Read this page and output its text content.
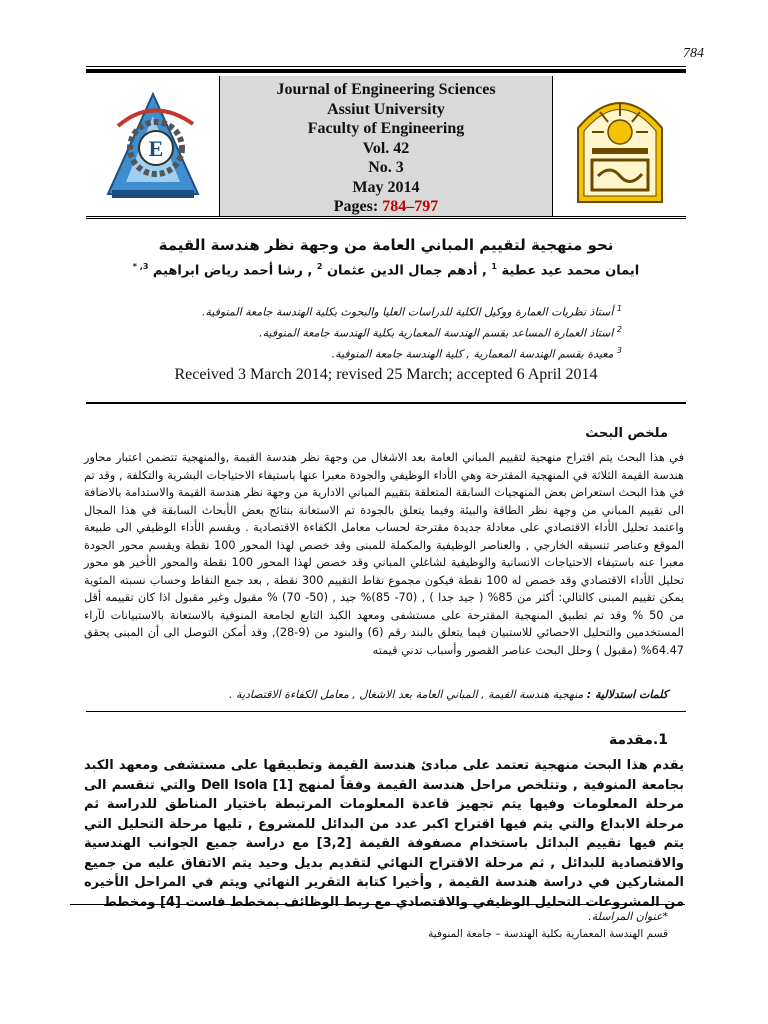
784
E
Journal of Engineering Sciences
Assiut University
Faculty of Engineering
Vol. 42
No. 3
May 2014
Pages: 784–797
نحو منهجية لتقييم المباني العامة من وجهة نظر هندسة القيمة
ايمان محمد عيد عطية $^1$ , أدهم جمال الدين عثمان $^2$ , رشا أحمد رياض ابراهيم $^{3, *}$
$^1$ أستاذ نظريات العمارة ووكيل الكلية للدراسات العليا والبحوث بكلية الهندسة جامعة المنوفية.
$^2$ استاذ العمارة المساعد بقسم الهندسة المعمارية بكلية الهندسة جامعة المنوفية.
$^3$ معيدة بقسم الهندسة المعمارية , كلية الهندسة جامعة المنوفية.
Received 3 March 2014; revised 25 March; accepted 6 April 2014
ملخص البحث
في هذا البحث يتم اقتراح منهجية لتقييم المباني العامة بعد الاشغال من وجهة نظر هندسة القيمة ,والمنهجية تتضمن اعتبار محاور هندسة القيمة الثلاثة في المنهجية المقترحة وهي الأداء الوظيفي والجودة معبرا عنها باستيفاء الاحتياجات البشرية والتكلفة , وقد تم في هذا البحث استعراض بعض المنهجيات السابقة المتعلقة بتقييم المباني الادارية من وجهة نظر هندسة القيمة والاستدامة بالاضافة الى تقييم المباني من وجهة نظر الطاقة والبيئة وفيما يتعلق بالجودة تم الاستعانة بنتائج بعض الأبحاث السابقة في هذا المجال واعتمد تحليل الأداء الاقتصادي على معادلة جديدة مقترحة لحساب معامل الكفاءة الاقتصادية . ويقسم الأداء الوظيفي الى طبيعة الموقع وعناصر تنسيقه الخارجي , والعناصر الوظيفية والمكملة للمبنى وقد خصص لهذا المحور 100 نقطة ويقسم محور الجودة معبرا عنه باستيفاء الاحتياجات الانسانية والوظيفية لشاغلي المباني وقد خصص لهذا المحور 100 نقطة والمحور الأخير هو محور تحليل الأداء الاقتصادي وقد خصص له 100 نقطة فيكون مجموع نقاط التقييم 300 نقطة , بعد جمع النقاط وحساب نسبته المئوية يمكن تقييم المبنى كالتالي: أكثر من 85% ( جيد جدا ) , (70- 85)% جيد , (50- 70) % مقبول وغير مقبول اذا كان تقييمه أقل من 50 % وقد تم تطبيق المنهجية المقترحة على مستشفى ومعهد الكبد التابع لجامعة المنوفية بالاستعانة بالاستبيانات لآراء المستخدمين والتحليل الاحصائي للاستبيان فيما يتعلق بالبند رقم (6) والبنود من (9-28), وقد أمكن التوصل الى أن المبنى يحقق 64.47% (مقبول ) وحلل البحث عناصر القصور وأسباب تدني قيمته
كلمات استدلالية : منهجية هندسة القيمة , المباني العامة بعد الاشغال , معامل الكفاءة الاقتصادية .
1.مقدمة
يقدم هذا البحث منهجية تعتمد على مبادئ هندسة القيمة وتطبيقها على مستشفى ومعهد الكبد بجامعة المنوفية , وتتلخص مراحل هندسة القيمة وفقاً لمنهج Dell Isola [1] والتي تنقسم الى مرحلة المعلومات وفيها يتم تجهيز قاعدة المعلومات المرتبطة باختيار المناطق للدراسة ثم مرحلة الابداع والتي يتم فيها اقتراح اكبر عدد من البدائل للمشروع , تليها مرحلة التحليل التي يتم فيها تقييم البدائل باستخدام مصفوفة القيمة [3,2] مع دراسة جميع الجوانب الهندسية والاقتصادية للبدائل , ثم مرحلة الاقتراح النهائي لتقديم بديل وحيد يتم الاتفاق عليه من جميع المشاركين في دراسة هندسة القيمة , وأخيرا كتابة التقرير النهائي ويتم في المراحل الأخيره من المشروعات التحليل الوظيفي والاقتصادي مع ربط الوظائف بمخطط فاست [4] ومخطط
*عنوان المراسلة.
قسم الهندسة المعمارية بكلية الهندسة – جامعة المنوفية
